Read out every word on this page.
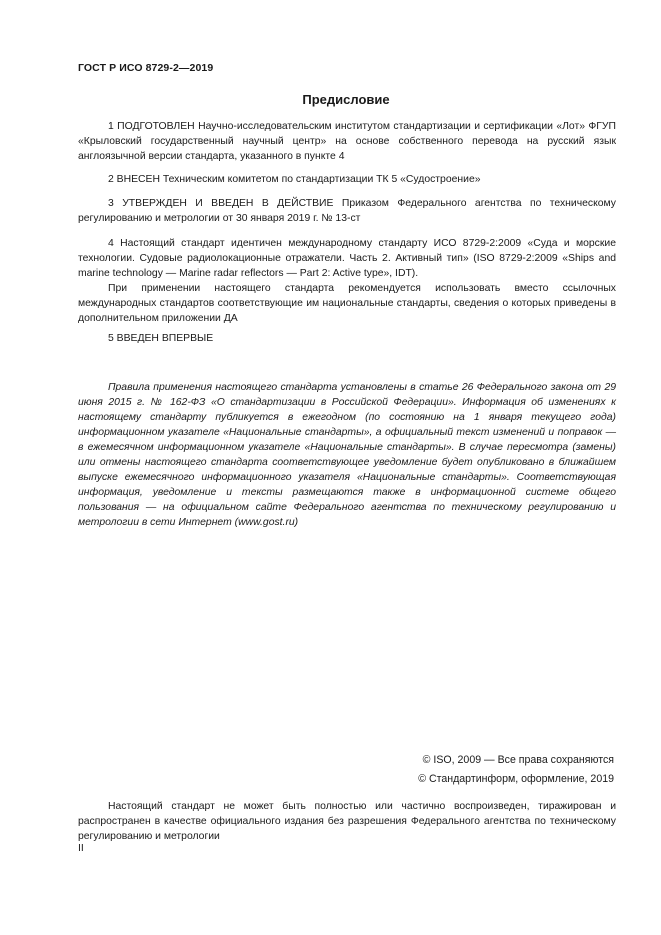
ГОСТ Р ИСО 8729-2—2019
Предисловие

1 ПОДГОТОВЛЕН Научно-исследовательским институтом стандартизации и сертификации «Лот» ФГУП «Крыловский государственный научный центр» на основе собственного перевода на русский язык англоязычной версии стандарта, указанного в пункте 4

2 ВНЕСЕН Техническим комитетом по стандартизации ТК 5 «Судостроение»

3 УТВЕРЖДЕН И ВВЕДЕН В ДЕЙСТВИЕ Приказом Федерального агентства по техническому регулированию и метрологии от 30 января 2019 г. № 13-ст

4 Настоящий стандарт идентичен международному стандарту ИСО 8729-2:2009 «Суда и морские технологии. Судовые радиолокационные отражатели. Часть 2. Активный тип» (ISO 8729-2:2009 «Ships and marine technology — Marine radar reflectors — Part 2: Active type», IDT).

При применении настоящего стандарта рекомендуется использовать вместо ссылочных международных стандартов соответствующие им национальные стандарты, сведения о которых приведены в дополнительном приложении ДА

5 ВВЕДЕН ВПЕРВЫЕ

Правила применения настоящего стандарта установлены в статье 26 Федерального закона от 29 июня 2015 г. № 162-ФЗ «О стандартизации в Российской Федерации». Информация об изменениях к настоящему стандарту публикуется в ежегодном (по состоянию на 1 января текущего года) информационном указателе «Национальные стандарты», а официальный текст изменений и поправок — в ежемесячном информационном указателе «Национальные стандарты». В случае пересмотра (замены) или отмены настоящего стандарта соответствующее уведомление будет опубликовано в ближайшем выпуске ежемесячного информационного указателя «Национальные стандарты». Соответствующая информация, уведомление и тексты размещаются также в информационной системе общего пользования — на официальном сайте Федерального агентства по техническому регулированию и метрологии в сети Интернет (www.gost.ru)

© ISO, 2009 — Все права сохраняются
© Стандартинформ, оформление, 2019

Настоящий стандарт не может быть полностью или частично воспроизведен, тиражирован и распространен в качестве официального издания без разрешения Федерального агентства по техническому регулированию и метрологии

II
